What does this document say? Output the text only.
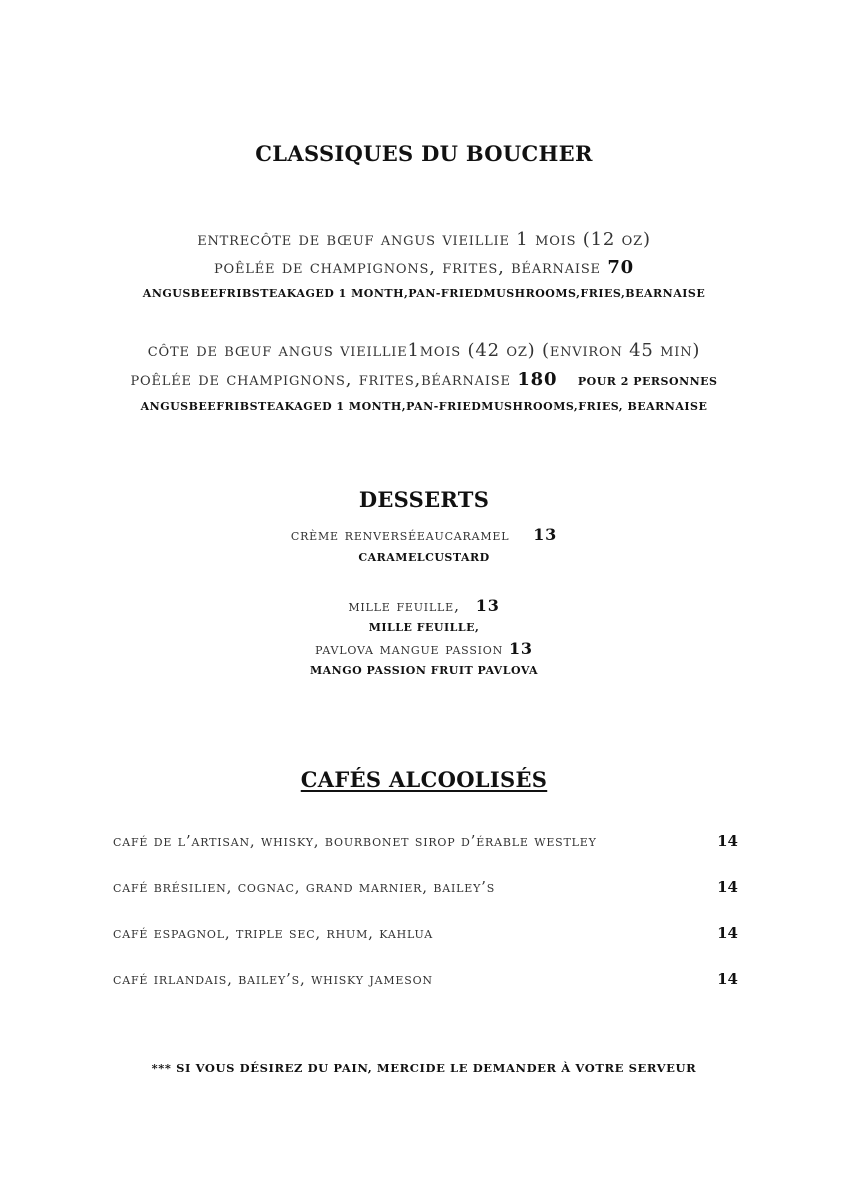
CLASSIQUES DU BOUCHER
entrecôte de bœuf angus vieillie 1 mois (12 oz)
poêlée de champignons, frites, béarnaise 70
ANGUSBEEFRIBSTEAKAGED 1 MONTH,PAN-FRIEDMUSHROOMS,FRIES,BEARNAISE
côte de bœuf angus vieillie1mois (42 oz) (environ 45 min)
poêlée de champignons, frites,béarnaise 180 POUR 2 PERSONNES
ANGUSBEEFRIBSTEAKAGED 1 MONTH,PAN-FRIEDMUSHROOMS,FRIES, BEARNAISE
DESSERTS
crème renverséeaucaramel 13
CARAMELCUSTARD
mille feuille, 13
MILLE FEUILLE,
pavlova mangue passion 13
MANGO PASSION FRUIT PAVLOVA
CAFÉS ALCOOLISÉS
café de l’artisan, whisky, bourbonet sirop d’érable westley	14
café brésilien, cognac, grand marnier, bailey’s	14
café espagnol, triple sec, rhum, kahlua	14
café irlandais, bailey’s, whisky jameson	14
*** SI VOUS DÉSIREZ DU PAIN, MERCIDE LE DEMANDER À VOTRE SERVEUR
